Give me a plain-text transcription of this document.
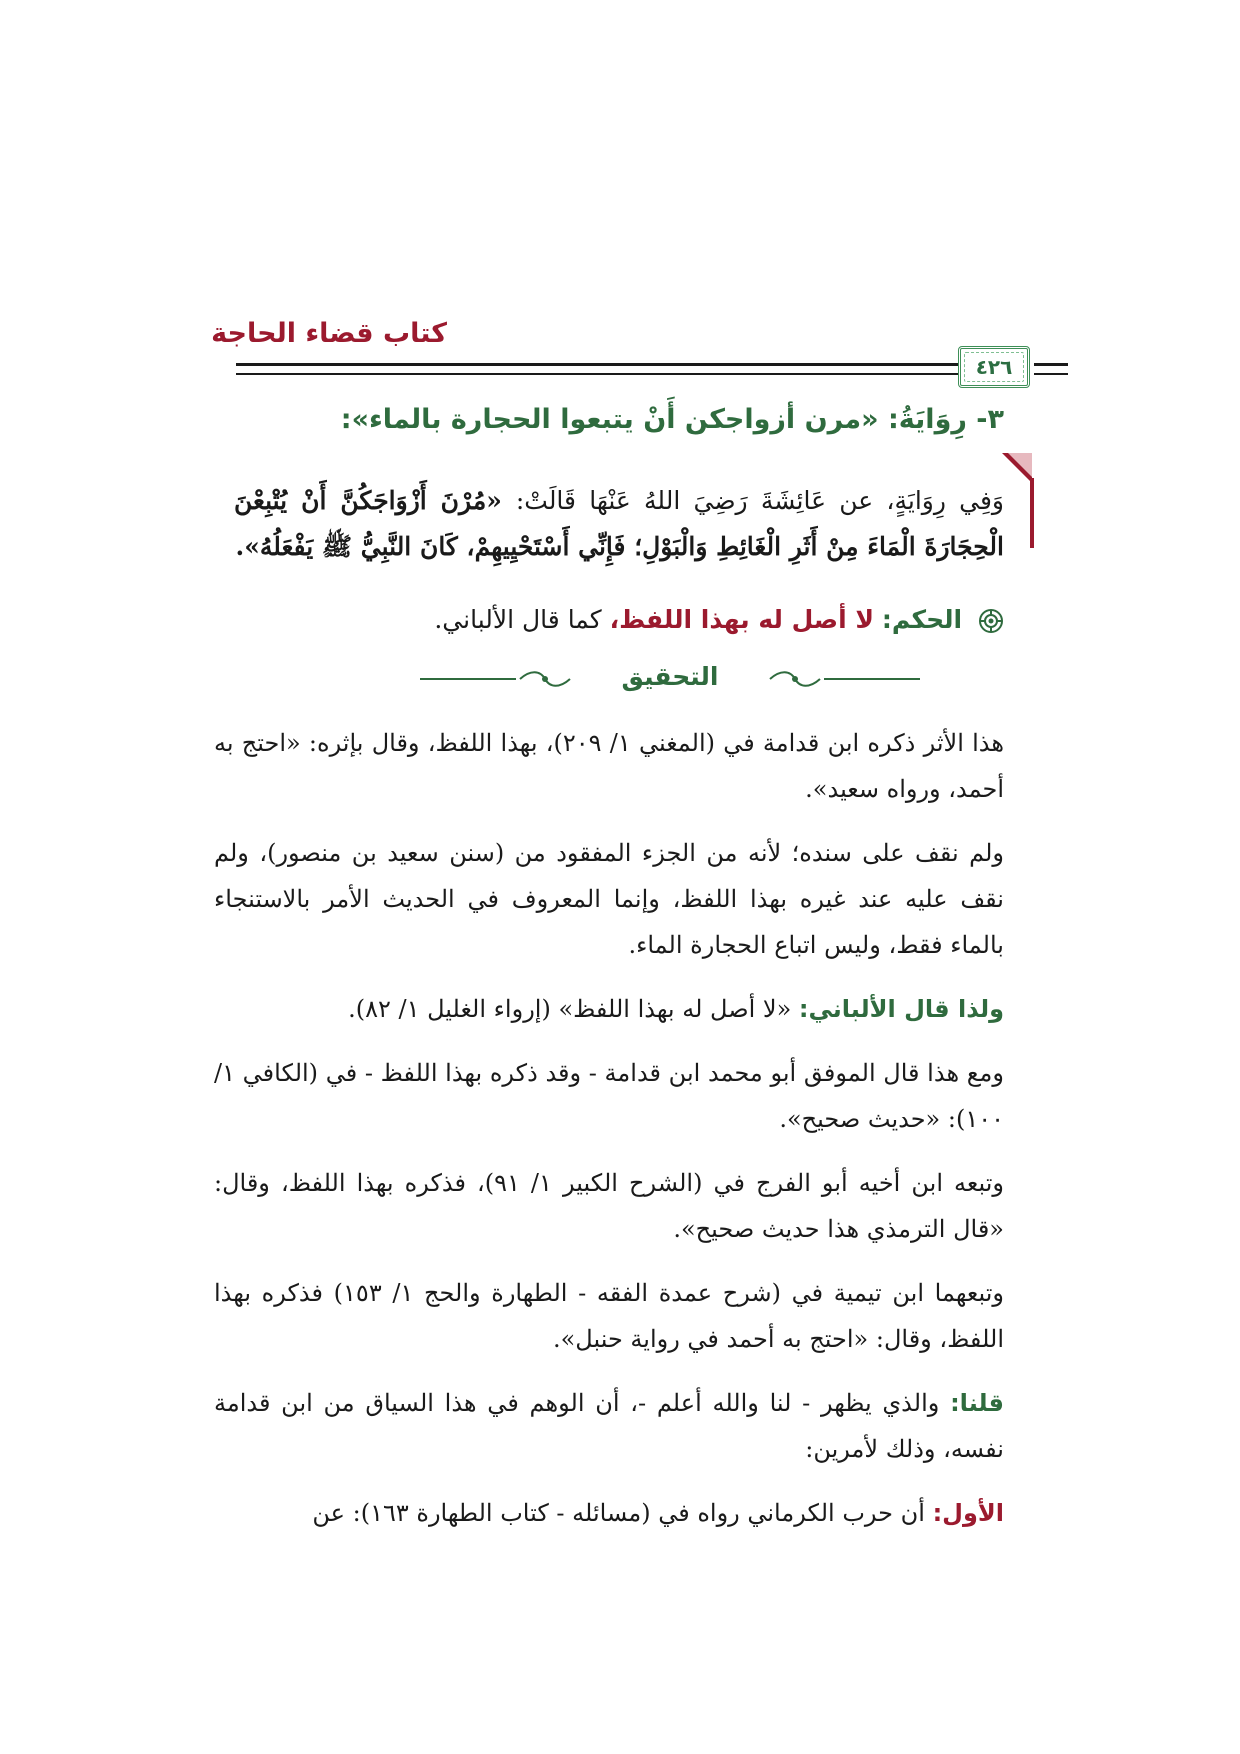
كتاب قضاء الحاجة
٤٢٦
٣- رِوَايَةُ: «مرن أزواجكن أَنْ يتبعوا الحجارة بالماء»:
وَفِي رِوَايَةٍ، عن عَائِشَةَ رَضِيَ اللهُ عَنْهَا قَالَتْ: «مُرْنَ أَزْوَاجَكُنَّ أَنْ يُتْبِعْنَ الْحِجَارَةَ الْمَاءَ مِنْ أَثَرِ الْغَائِطِ وَالْبَوْلِ؛ فَإِنِّي أَسْتَحْيِيهِمْ، كَانَ النَّبِيُّ ﷺ يَفْعَلُهُ».
الحكم: لا أصل له بهذا اللفظ، كما قال الألباني.
التحقيق

هذا الأثر ذكره ابن قدامة في (المغني ١/ ٢٠٩)، بهذا اللفظ، وقال بإثره: «احتج به أحمد، ورواه سعيد».

ولم نقف على سنده؛ لأنه من الجزء المفقود من (سنن سعيد بن منصور)، ولم نقف عليه عند غيره بهذا اللفظ، وإنما المعروف في الحديث الأمر بالاستنجاء بالماء فقط، وليس اتباع الحجارة الماء.

ولذا قال الألباني: «لا أصل له بهذا اللفظ» (إرواء الغليل ١/ ٨٢).

ومع هذا قال الموفق أبو محمد ابن قدامة - وقد ذكره بهذا اللفظ - في (الكافي ١/ ١٠٠): «حديث صحيح».

وتبعه ابن أخيه أبو الفرج في (الشرح الكبير ١/ ٩١)، فذكره بهذا اللفظ، وقال: «قال الترمذي هذا حديث صحيح».

وتبعهما ابن تيمية في (شرح عمدة الفقه - الطهارة والحج ١/ ١٥٣) فذكره بهذا اللفظ، وقال: «احتج به أحمد في رواية حنبل».

قلنا: والذي يظهر - لنا والله أعلم -، أن الوهم في هذا السياق من ابن قدامة نفسه، وذلك لأمرين:

الأول: أن حرب الكرماني رواه في (مسائله - كتاب الطهارة ١٦٣): عن
